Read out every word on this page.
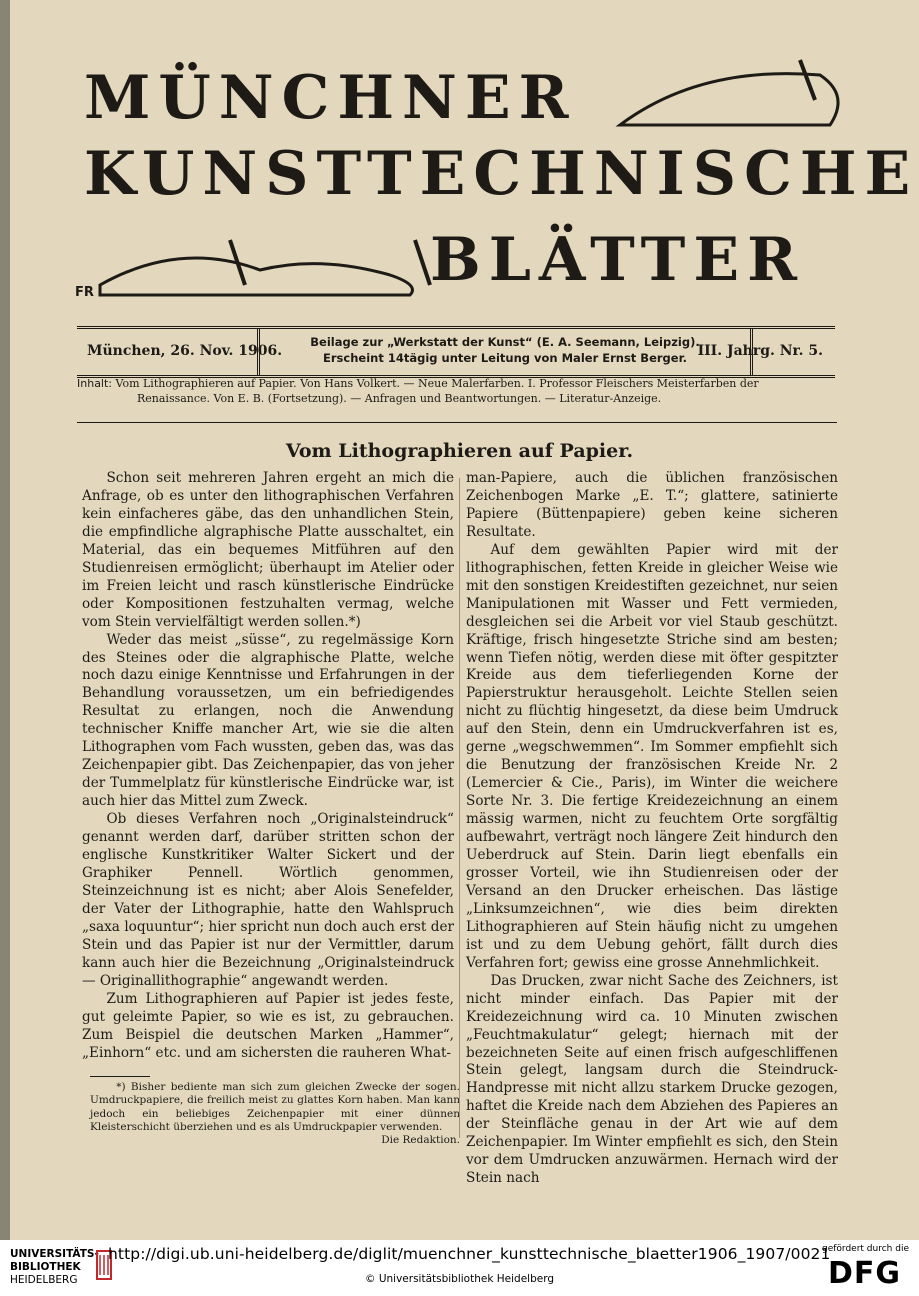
MÜNCHNER
KUNSTTECHNISCHE
BLÄTTER
FR
München, 26. Nov. 1906.
Beilage zur „Werkstatt der Kunst“ (E. A. Seemann, Leipzig).
Erscheint 14tägig unter Leitung von Maler Ernst Berger. III. Jahrg. Nr. 5.
Inhalt: Vom Lithographieren auf Papier. Von Hans Volkert. — Neue Malerfarben. I. Professor Fleischers Meisterfarben der
Renaissance. Von E. B. (Fortsetzung). — Anfragen und Beantwortungen. — Literatur-Anzeige.
Vom Lithographieren auf Papier.

Schon seit mehreren Jahren ergeht an mich die Anfrage, ob es unter den lithographischen Verfahren kein einfacheres gäbe, das den unhandlichen Stein, die empfindliche algraphische Platte ausschaltet, ein Material, das ein bequemes Mitführen auf den Studienreisen ermöglicht; überhaupt im Atelier oder im Freien leicht und rasch künstlerische Eindrücke oder Kompositionen festzuhalten vermag, welche vom Stein vervielfältigt werden sollen.*)

Weder das meist „süsse“, zu regelmässige Korn des Steines oder die algraphische Platte, welche noch dazu einige Kenntnisse und Erfahrungen in der Behandlung voraussetzen, um ein befriedigendes Resultat zu erlangen, noch die Anwendung technischer Kniffe mancher Art, wie sie die alten Lithographen vom Fach wussten, geben das, was das Zeichenpapier gibt. Das Zeichenpapier, das von jeher der Tummelplatz für künstlerische Eindrücke war, ist auch hier das Mittel zum Zweck.

Ob dieses Verfahren noch „Originalsteindruck“ genannt werden darf, darüber stritten schon der englische Kunstkritiker Walter Sickert und der Graphiker Pennell. Wörtlich genommen, Steinzeichnung ist es nicht; aber Alois Senefelder, der Vater der Lithographie, hatte den Wahlspruch „saxa loquuntur“; hier spricht nun doch auch erst der Stein und das Papier ist nur der Vermittler, darum kann auch hier die Bezeichnung „Originalsteindruck — Originallithographie“ angewandt werden.

Zum Lithographieren auf Papier ist jedes feste, gut geleimte Papier, so wie es ist, zu gebrauchen. Zum Beispiel die deutschen Marken „Hammer“, „Einhorn“ etc. und am sichersten die rauheren What-

*) Bisher bediente man sich zum gleichen Zwecke der sogen. Umdruckpapiere, die freilich meist zu glattes Korn haben. Man kann jedoch ein beliebiges Zeichenpapier mit einer dünnen Kleisterschicht überziehen und es als Umdruckpapier verwenden.

Die Redaktion.

man-Papiere, auch die üblichen französischen Zeichenbogen Marke „E. T.“; glattere, satinierte Papiere (Büttenpapiere) geben keine sicheren Resultate.

Auf dem gewählten Papier wird mit der lithographischen, fetten Kreide in gleicher Weise wie mit den sonstigen Kreidestiften gezeichnet, nur seien Manipulationen mit Wasser und Fett vermieden, desgleichen sei die Arbeit vor viel Staub geschützt. Kräftige, frisch hingesetzte Striche sind am besten; wenn Tiefen nötig, werden diese mit öfter gespitzter Kreide aus dem tieferliegenden Korne der Papierstruktur herausgeholt. Leichte Stellen seien nicht zu flüchtig hingesetzt, da diese beim Umdruck auf den Stein, denn ein Umdruckverfahren ist es, gerne „wegschwemmen“. Im Sommer empfiehlt sich die Benutzung der französischen Kreide Nr. 2 (Lemercier & Cie., Paris), im Winter die weichere Sorte Nr. 3. Die fertige Kreidezeichnung an einem mässig warmen, nicht zu feuchtem Orte sorgfältig aufbewahrt, verträgt noch längere Zeit hindurch den Ueberdruck auf Stein. Darin liegt ebenfalls ein grosser Vorteil, wie ihn Studienreisen oder der Versand an den Drucker erheischen. Das lästige „Linksumzeichnen“, wie dies beim direkten Lithographieren auf Stein häufig nicht zu umgehen ist und zu dem Uebung gehört, fällt durch dies Verfahren fort; gewiss eine grosse Annehmlichkeit.

Das Drucken, zwar nicht Sache des Zeichners, ist nicht minder einfach. Das Papier mit der Kreidezeichnung wird ca. 10 Minuten zwischen „Feuchtmakulatur“ gelegt; hiernach mit der bezeichneten Seite auf einen frisch aufgeschliffenen Stein gelegt, langsam durch die Steindruck-Handpresse mit nicht allzu starkem Drucke gezogen, haftet die Kreide nach dem Abziehen des Papieres an der Steinfläche genau in der Art wie auf dem Zeichenpapier. Im Winter empfiehlt es sich, den Stein vor dem Umdrucken anzuwärmen. Hernach wird der Stein nach

UNIVERSITÄTS-
BIBLIOTHEK
HEIDELBERG
http://digi.ub.uni-heidelberg.de/diglit/muenchner_kunsttechnische_blaetter1906_1907/0021
© Universitätsbibliothek Heidelberg
gefördert durch die
DFG
